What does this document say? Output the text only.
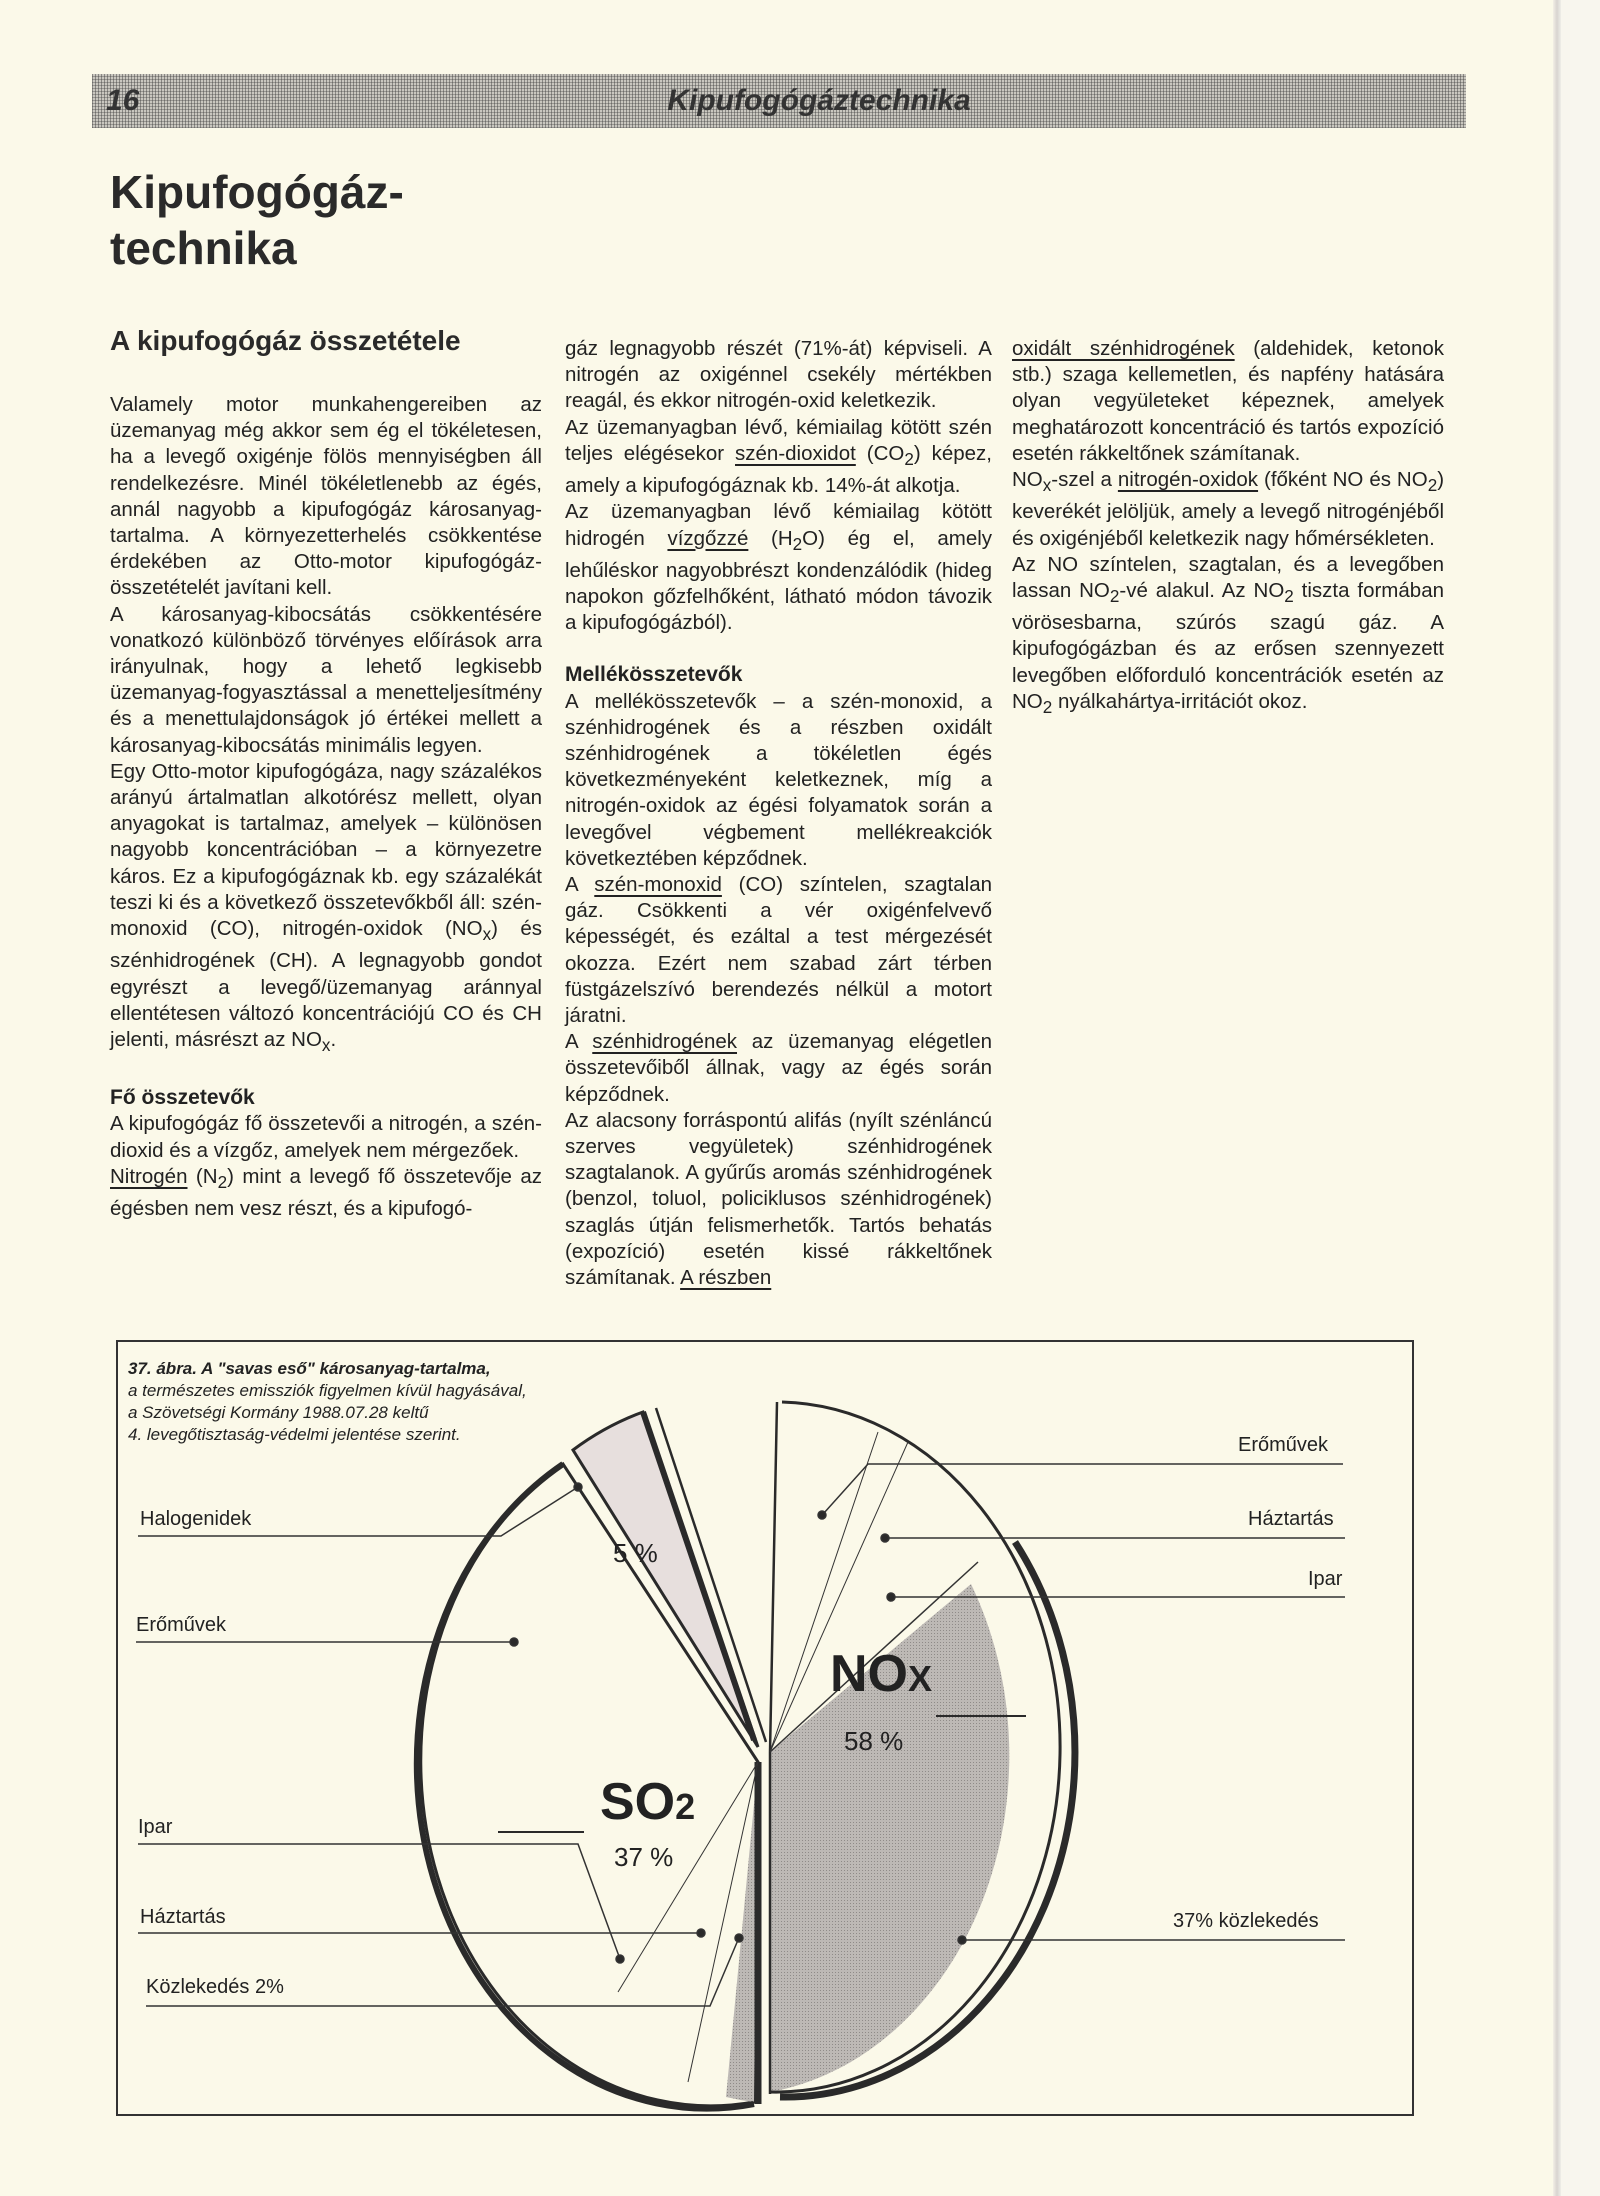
16	Kipufogógáztechnika
Kipufogógáz-
technika
A kipufogógáz összetétele

Valamely motor munkahengereiben az üzemanyag még akkor sem ég el tökéletesen, ha a levegő oxigénje fölös mennyiségben áll rendelkezésre. Minél tökéletlenebb az égés, annál nagyobb a kipufogógáz károsanyag-tartalma. A környezetterhelés csökkentése érdekében az Otto-motor kipufogógáz-összetételét javítani kell.

A károsanyag-kibocsátás csökkentésére vonatkozó különböző törvényes előírások arra irányulnak, hogy a lehető legkisebb üzemanyag-fogyasztással a menetteljesítmény és a menettulajdonságok jó értékei mellett a károsanyag-kibocsátás minimális legyen.

Egy Otto-motor kipufogógáza, nagy százalékos arányú ártalmatlan alkotórész mellett, olyan anyagokat is tartalmaz, amelyek – különösen nagyobb koncentrációban – a környezetre káros. Ez a kipufogógáznak kb. egy százalékát teszi ki és a következő összetevőkből áll: szén-monoxid (CO), nitrogén-oxidok $(NO_x)$ és szénhidrogének (CH). A legnagyobb gondot egyrészt a levegő/üzemanyag aránnyal ellentétesen változó koncentrációjú CO és CH jelenti, másrészt az $NO_x$.

Fő összetevők

A kipufogógáz fő összetevői a nitrogén, a szén-dioxid és a vízgőz, amelyek nem mérgezőek.

Nitrogén $(N_2)$ mint a levegő fő összetevője az égésben nem vesz részt, és a kipufogó-

gáz legnagyobb részét (71%-át) képviseli. A nitrogén az oxigénnel csekély mértékben reagál, és ekkor nitrogén-oxid keletkezik.

Az üzemanyagban lévő, kémiailag kötött szén teljes elégésekor szén-dioxidot $(CO_2)$ képez, amely a kipufogógáznak kb. 14%-át alkotja.

Az üzemanyagban lévő kémiailag kötött hidrogén vízgőzzé $(H_2O)$ ég el, amely lehűléskor nagyobbrészt kondenzálódik (hideg napokon gőzfelhőként, látható módon távozik a kipufogógázból).

Mellékösszetevők

A mellékösszetevők – a szén-monoxid, a szénhidrogének és a részben oxidált szénhidrogének a tökéletlen égés következményeként keletkeznek, míg a nitrogén-oxidok az égési folyamatok során a levegővel végbement mellékreakciók következtében képződnek.

A szén-monoxid (CO) színtelen, szagtalan gáz. Csökkenti a vér oxigénfelvevő képességét, és ezáltal a test mérgezését okozza. Ezért nem szabad zárt térben füstgázelszívó berendezés nélkül a motort járatni.

A szénhidrogének az üzemanyag elégetlen összetevőiből állnak, vagy az égés során képződnek.

Az alacsony forráspontú alifás (nyílt szénláncú szerves vegyületek) szénhidrogének szagtalanok. A gyűrűs aromás szénhidrogének (benzol, toluol, policiklusos szénhidrogének) szaglás útján felismerhetők. Tartós behatás (expozíció) esetén kissé rákkeltőnek számítanak. A részben

oxidált szénhidrogének (aldehidek, ketonok stb.) szaga kellemetlen, és napfény hatására olyan vegyületeket képeznek, amelyek meghatározott koncentráció és tartós expozíció esetén rákkeltőnek számítanak.

$NO_x$-szel a nitrogén-oxidok (főként NO és $NO_2$) keverékét jelöljük, amely a levegő nitrogénjéből és oxigénjéből keletkezik nagy hőmérsékleten.

Az NO színtelen, szagtalan, és a levegőben lassan $NO_2-vé$ alakul. Az $NO_2$ tiszta formában vörösesbarna, szúrós szagú gáz. A kipufogógázban és az erősen szennyezett levegőben előforduló koncentrációk esetén az $NO_2$ nyálkahártya-irritációt okoz.

37. ábra. A "savas eső" károsanyag-tartalma,
a természetes emissziók figyelmen kívül hagyásával,
a Szövetségi Kormány 1988.07.28 keltű
4. levegőtisztaság-védelmi jelentése szerint.	Erőművek
Háztartás
Ipar
37% közlekedés
Halogenidek
Erőművek
Ipar
Háztartás
Közlekedés 2%
5 %
NOX
58 %
SO2
37 %
